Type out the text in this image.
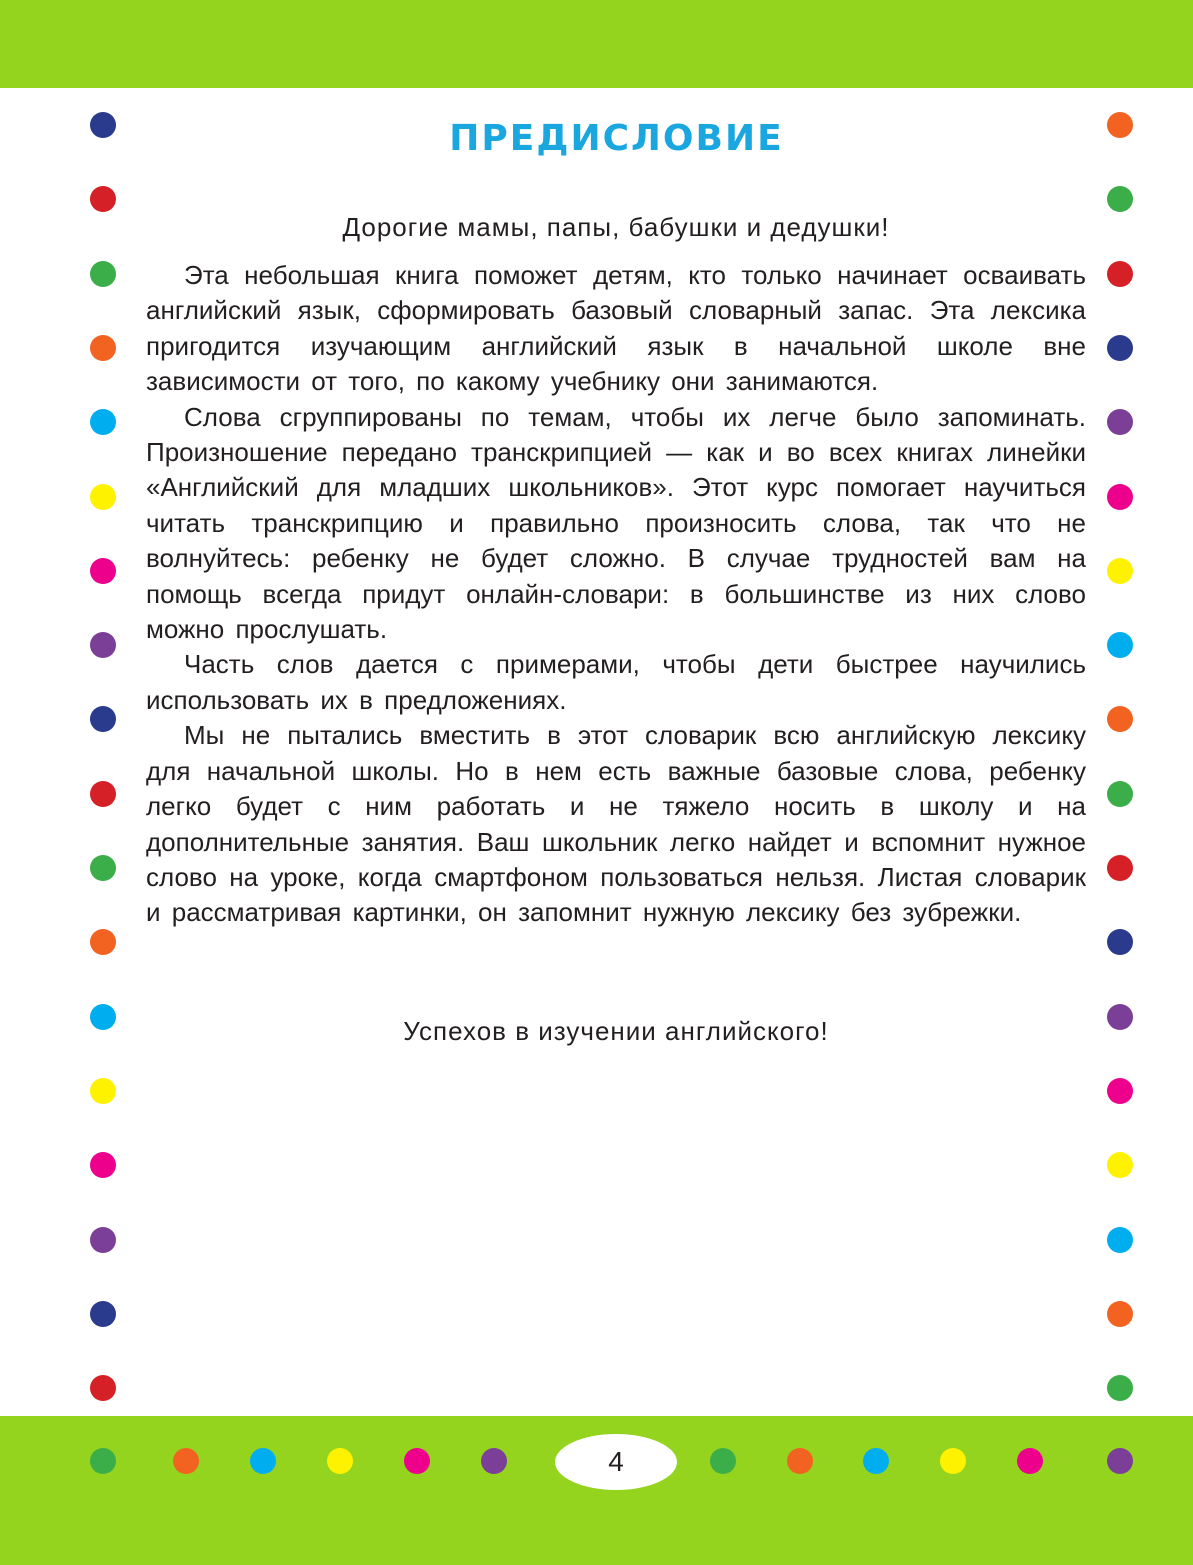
ПРЕДИСЛОВИЕ
Дорогие мамы, папы, бабушки и дедушки!

Эта небольшая книга поможет детям, кто только начинает осваивать английский язык, сформировать базовый словарный запас. Эта лексика пригодится изучающим английский язык в начальной школе вне зависимости от того, по какому учебнику они занимаются.

Слова сгруппированы по темам, чтобы их легче было запоминать. Произношение передано транскрипцией — как и во всех книгах линейки «Английский для младших школьников». Этот курс помогает научиться читать транскрипцию и правильно произносить слова, так что не волнуйтесь: ребенку не будет сложно. В случае трудностей вам на помощь всегда придут онлайн-словари: в большинстве из них слово можно прослушать.

Часть слов дается с примерами, чтобы дети быстрее научились использовать их в предложениях.

Мы не пытались вместить в этот словарик всю английскую лексику для начальной школы. Но в нем есть важные базовые слова, ребенку легко будет с ним работать и не тяжело носить в школу и на дополнительные занятия. Ваш школьник легко найдет и вспомнит нужное слово на уроке, когда смартфоном пользоваться нельзя. Листая словарик и рассматривая картинки, он запомнит нужную лексику без зубрежки.

Успехов в изучении английского!
4
